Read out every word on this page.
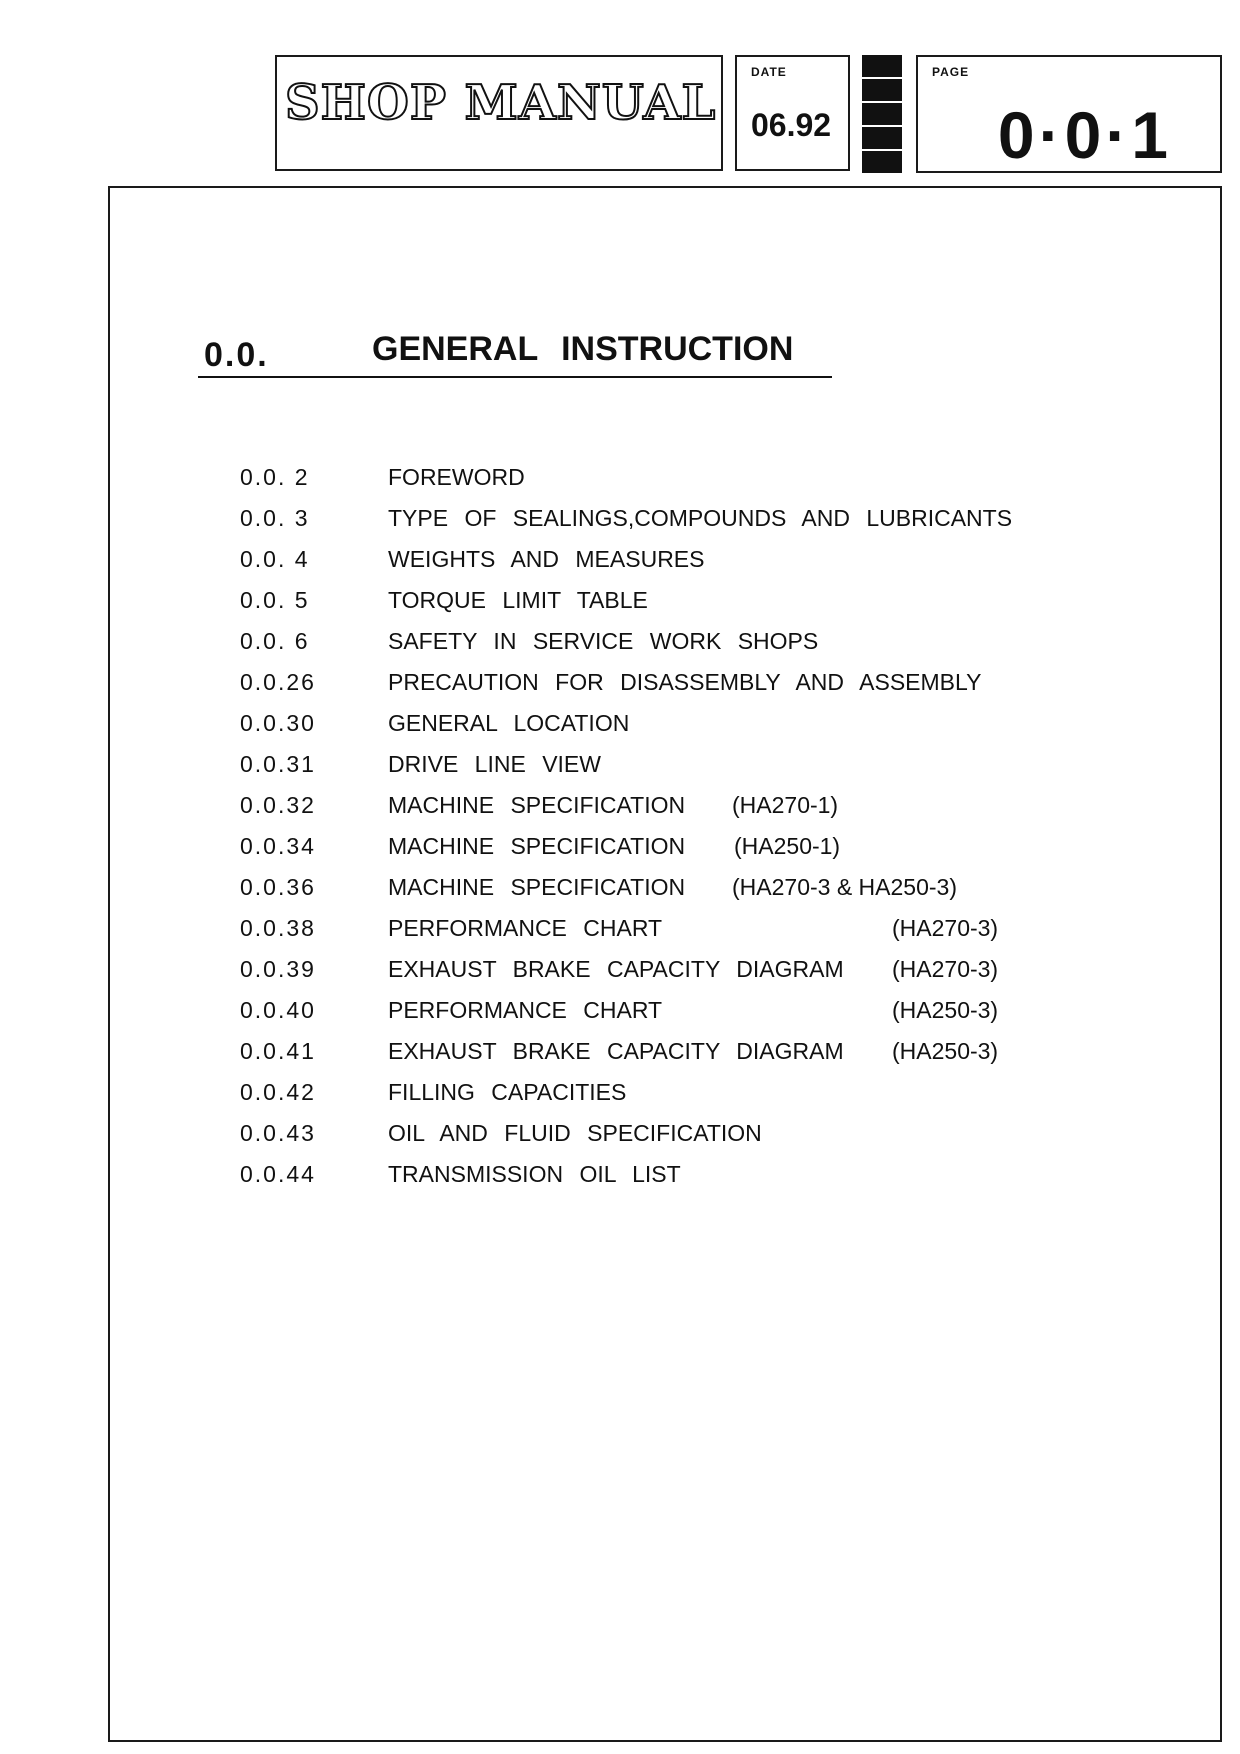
SHOP MANUAL
DATE
06.92
PAGE
0·0·1
0.0.	GENERAL INSTRUCTION
0.0. 2	FOREWORD
0.0. 3	TYPE OF SEALINGS,COMPOUNDS AND LUBRICANTS
0.0. 4	WEIGHTS AND MEASURES
0.0. 5	TORQUE LIMIT TABLE
0.0. 6	SAFETY IN SERVICE WORK SHOPS
0.0.26	PRECAUTION FOR DISASSEMBLY AND ASSEMBLY
0.0.30	GENERAL LOCATION
0.0.31	DRIVE LINE VIEW
0.0.32	MACHINE SPECIFICATION (HA270-1)
0.0.34	MACHINE SPECIFICATION (HA250-1)
0.0.36	MACHINE SPECIFICATION (HA270-3 & HA250-3)
0.0.38	PERFORMANCE CHART	(HA270-3)
0.0.39	EXHAUST BRAKE CAPACITY DIAGRAM (HA270-3)
0.0.40	PERFORMANCE CHART	(HA250-3)
0.0.41	EXHAUST BRAKE CAPACITY DIAGRAM (HA250-3)
0.0.42	FILLING CAPACITIES
0.0.43	OIL AND FLUID SPECIFICATION
0.0.44	TRANSMISSION OIL LIST
